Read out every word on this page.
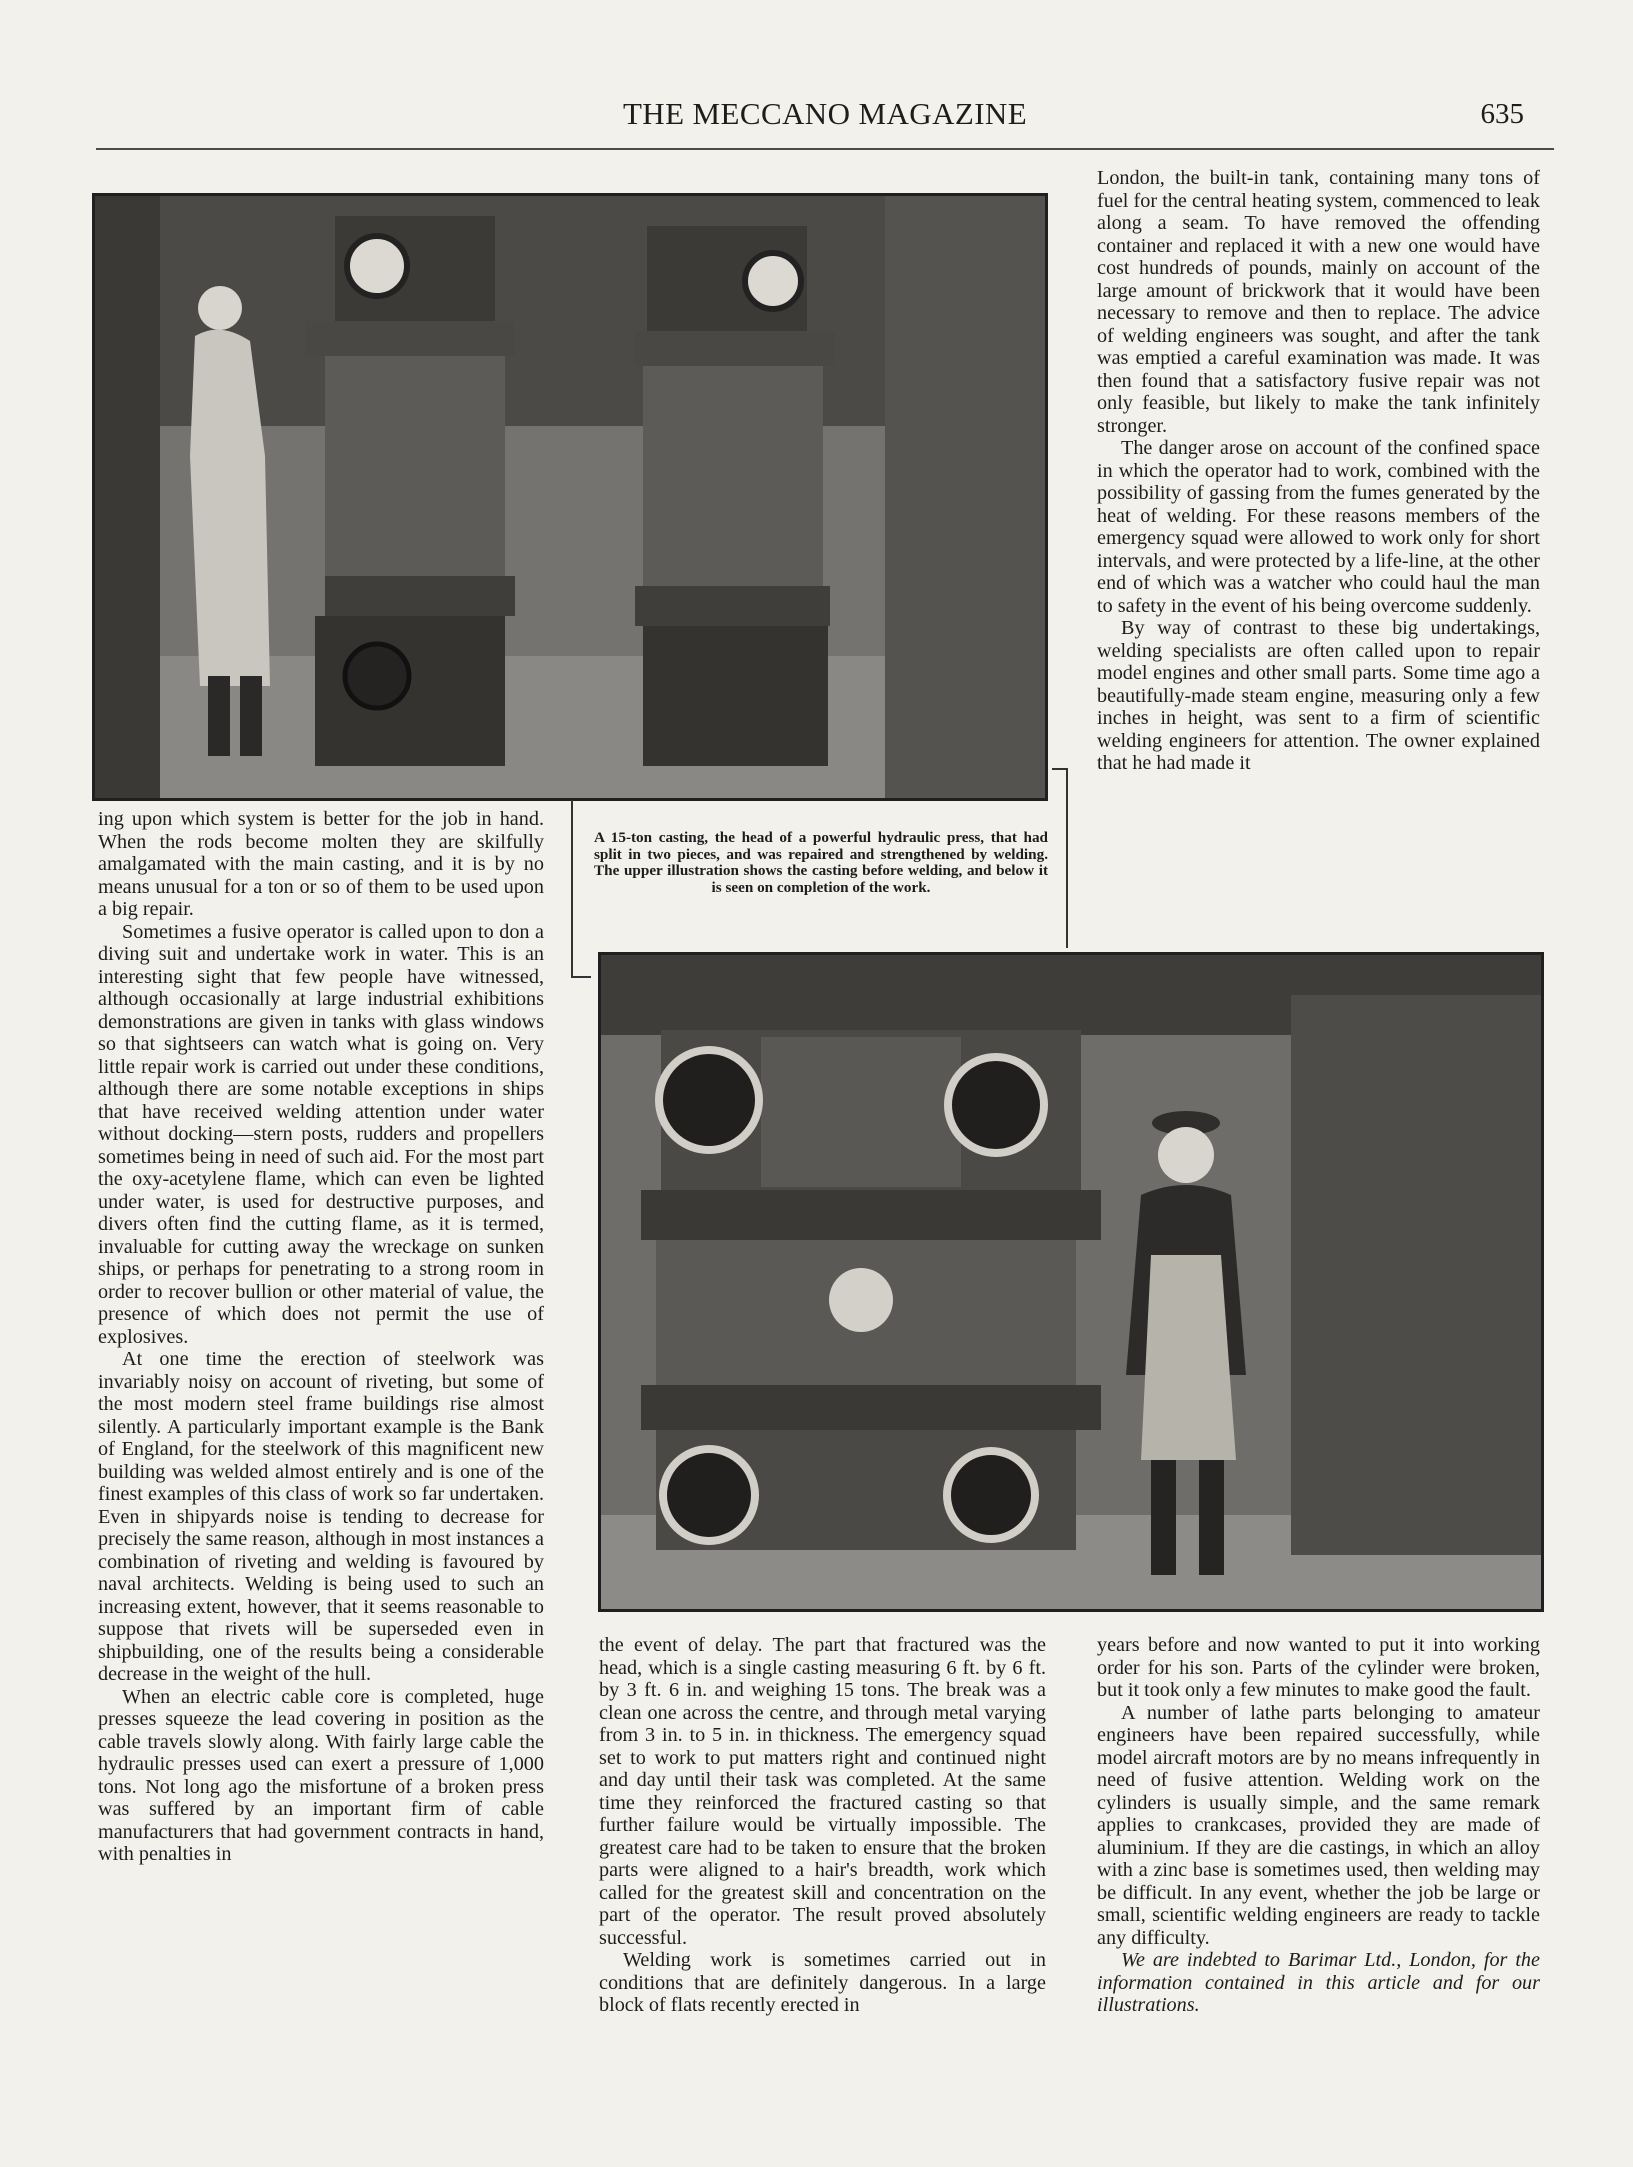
THE MECCANO MAGAZINE	635
A 15-ton casting, the head of a powerful hydraulic press, that had split in two pieces, and was repaired and strengthened by welding. The upper illustration shows the casting before welding, and below it is seen on completion of the work.

ing upon which system is better for the job in hand. When the rods become molten they are skilfully amalgamated with the main casting, and it is by no means unusual for a ton or so of them to be used upon a big repair.

Sometimes a fusive operator is called upon to don a diving suit and undertake work in water. This is an interesting sight that few people have witnessed, although occasionally at large industrial exhibitions demonstrations are given in tanks with glass windows so that sightseers can watch what is going on. Very little repair work is carried out under these conditions, although there are some notable exceptions in ships that have received welding attention under water without docking—stern posts, rudders and propellers sometimes being in need of such aid. For the most part the oxy-acetylene flame, which can even be lighted under water, is used for destructive purposes, and divers often find the cutting flame, as it is termed, invaluable for cutting away the wreckage on sunken ships, or perhaps for penetrating to a strong room in order to recover bullion or other material of value, the presence of which does not permit the use of explosives.

At one time the erection of steelwork was invariably noisy on account of riveting, but some of the most modern steel frame buildings rise almost silently. A particularly important example is the Bank of England, for the steelwork of this magnificent new building was welded almost entirely and is one of the finest examples of this class of work so far undertaken. Even in shipyards noise is tending to decrease for precisely the same reason, although in most instances a combination of riveting and welding is favoured by naval architects. Welding is being used to such an increasing extent, however, that it seems reasonable to suppose that rivets will be superseded even in shipbuilding, one of the results being a considerable decrease in the weight of the hull.

When an electric cable core is completed, huge presses squeeze the lead covering in position as the cable travels slowly along. With fairly large cable the hydraulic presses used can exert a pressure of 1,000 tons. Not long ago the misfortune of a broken press was suffered by an important firm of cable manufacturers that had government contracts in hand, with penalties in

the event of delay. The part that fractured was the head, which is a single casting measuring 6 ft. by 6 ft. by 3 ft. 6 in. and weighing 15 tons. The break was a clean one across the centre, and through metal varying from 3 in. to 5 in. in thickness. The emergency squad set to work to put matters right and continued night and day until their task was completed. At the same time they reinforced the fractured casting so that further failure would be virtually impossible. The greatest care had to be taken to ensure that the broken parts were aligned to a hair's breadth, work which called for the greatest skill and concentration on the part of the operator. The result proved absolutely successful.

Welding work is sometimes carried out in conditions that are definitely dangerous. In a large block of flats recently erected in

London, the built-in tank, containing many tons of fuel for the central heating system, commenced to leak along a seam. To have removed the offending container and replaced it with a new one would have cost hundreds of pounds, mainly on account of the large amount of brickwork that it would have been necessary to remove and then to replace. The advice of welding engineers was sought, and after the tank was emptied a careful examination was made. It was then found that a satisfactory fusive repair was not only feasible, but likely to make the tank infinitely stronger.

The danger arose on account of the confined space in which the operator had to work, combined with the possibility of gassing from the fumes generated by the heat of welding. For these reasons members of the emergency squad were allowed to work only for short intervals, and were protected by a life-line, at the other end of which was a watcher who could haul the man to safety in the event of his being overcome suddenly.

By way of contrast to these big undertakings, welding specialists are often called upon to repair model engines and other small parts. Some time ago a beautifully-made steam engine, measuring only a few inches in height, was sent to a firm of scientific welding engineers for attention. The owner explained that he had made it

years before and now wanted to put it into working order for his son. Parts of the cylinder were broken, but it took only a few minutes to make good the fault.

A number of lathe parts belonging to amateur engineers have been repaired successfully, while model aircraft motors are by no means infrequently in need of fusive attention. Welding work on the cylinders is usually simple, and the same remark applies to crankcases, provided they are made of aluminium. If they are die castings, in which an alloy with a zinc base is sometimes used, then welding may be difficult. In any event, whether the job be large or small, scientific welding engineers are ready to tackle any difficulty.

We are indebted to Barimar Ltd., London, for the information contained in this article and for our illustrations.
